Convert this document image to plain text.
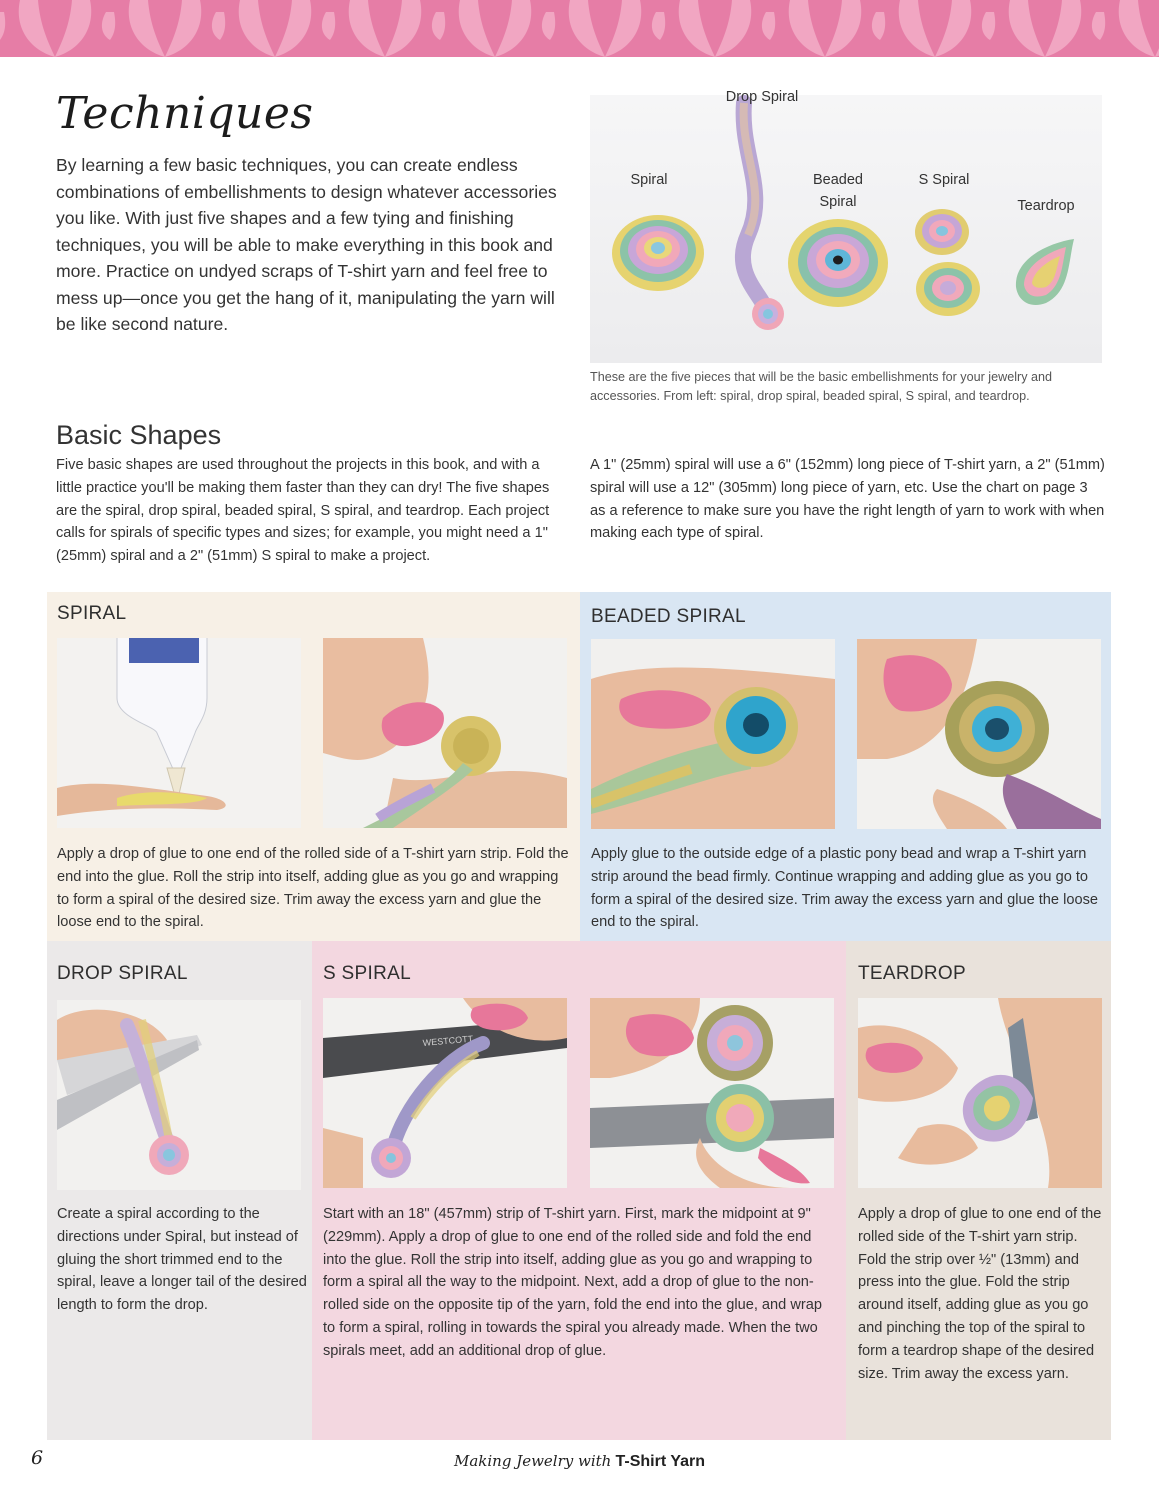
Techniques
By learning a few basic techniques, you can create endless combinations of embellishments to design whatever accessories you like. With just five shapes and a few tying and finishing techniques, you will be able to make everything in this book and more. Practice on undyed scraps of T-shirt yarn and feel free to mess up—once you get the hang of it, manipulating the yarn will be like second nature.
Drop Spiral
Spiral	Beaded Spiral
S Spiral
Teardrop
These are the five pieces that will be the basic embellishments for your jewelry and accessories. From left: spiral, drop spiral, beaded spiral, S spiral, and teardrop.
Basic Shapes
Five basic shapes are used throughout the projects in this book, and with a little practice you'll be making them faster than they can dry! The five shapes are the spiral, drop spiral, beaded spiral, S spiral, and teardrop. Each project calls for spirals of specific types and sizes; for example, you might need a 1" (25mm) spiral and a 2" (51mm) S spiral to make a project.
A 1" (25mm) spiral will use a 6" (152mm) long piece of T-shirt yarn, a 2" (51mm) spiral will use a 12" (305mm) long piece of yarn, etc. Use the chart on page 3 as a reference to make sure you have the right length of yarn to work with when making each type of spiral.
SPIRAL
Apply a drop of glue to one end of the rolled side of a T-shirt yarn strip. Fold the end into the glue. Roll the strip into itself, adding glue as you go and wrapping to form a spiral of the desired size. Trim away the excess yarn and glue the loose end to the spiral.
BEADED SPIRAL
Apply glue to the outside edge of a plastic pony bead and wrap a T-shirt yarn strip around the bead firmly. Continue wrapping and adding glue as you go to form a spiral of the desired size. Trim away the excess yarn and glue the loose end to the spiral.
DROP SPIRAL
Create a spiral according to the directions under Spiral, but instead of gluing the short trimmed end to the spiral, leave a longer tail of the desired length to form the drop.
S SPIRAL
WESTCOTT
Start with an 18" (457mm) strip of T-shirt yarn. First, mark the midpoint at 9" (229mm). Apply a drop of glue to one end of the rolled side and fold the end into the glue. Roll the strip into itself, adding glue as you go and wrapping to form a spiral all the way to the midpoint. Next, add a drop of glue to the non-rolled side on the opposite tip of the yarn, fold the end into the glue, and wrap to form a spiral, rolling in towards the spiral you already made. When the two spirals meet, add an additional drop of glue.
TEARDROP
Apply a drop of glue to one end of the rolled side of the T-shirt yarn strip. Fold the strip over ½" (13mm) and press into the glue. Fold the strip around itself, adding glue as you go and pinching the top of the spiral to form a teardrop shape of the desired size. Trim away the excess yarn.
6	Making Jewelry with T-Shirt Yarn
